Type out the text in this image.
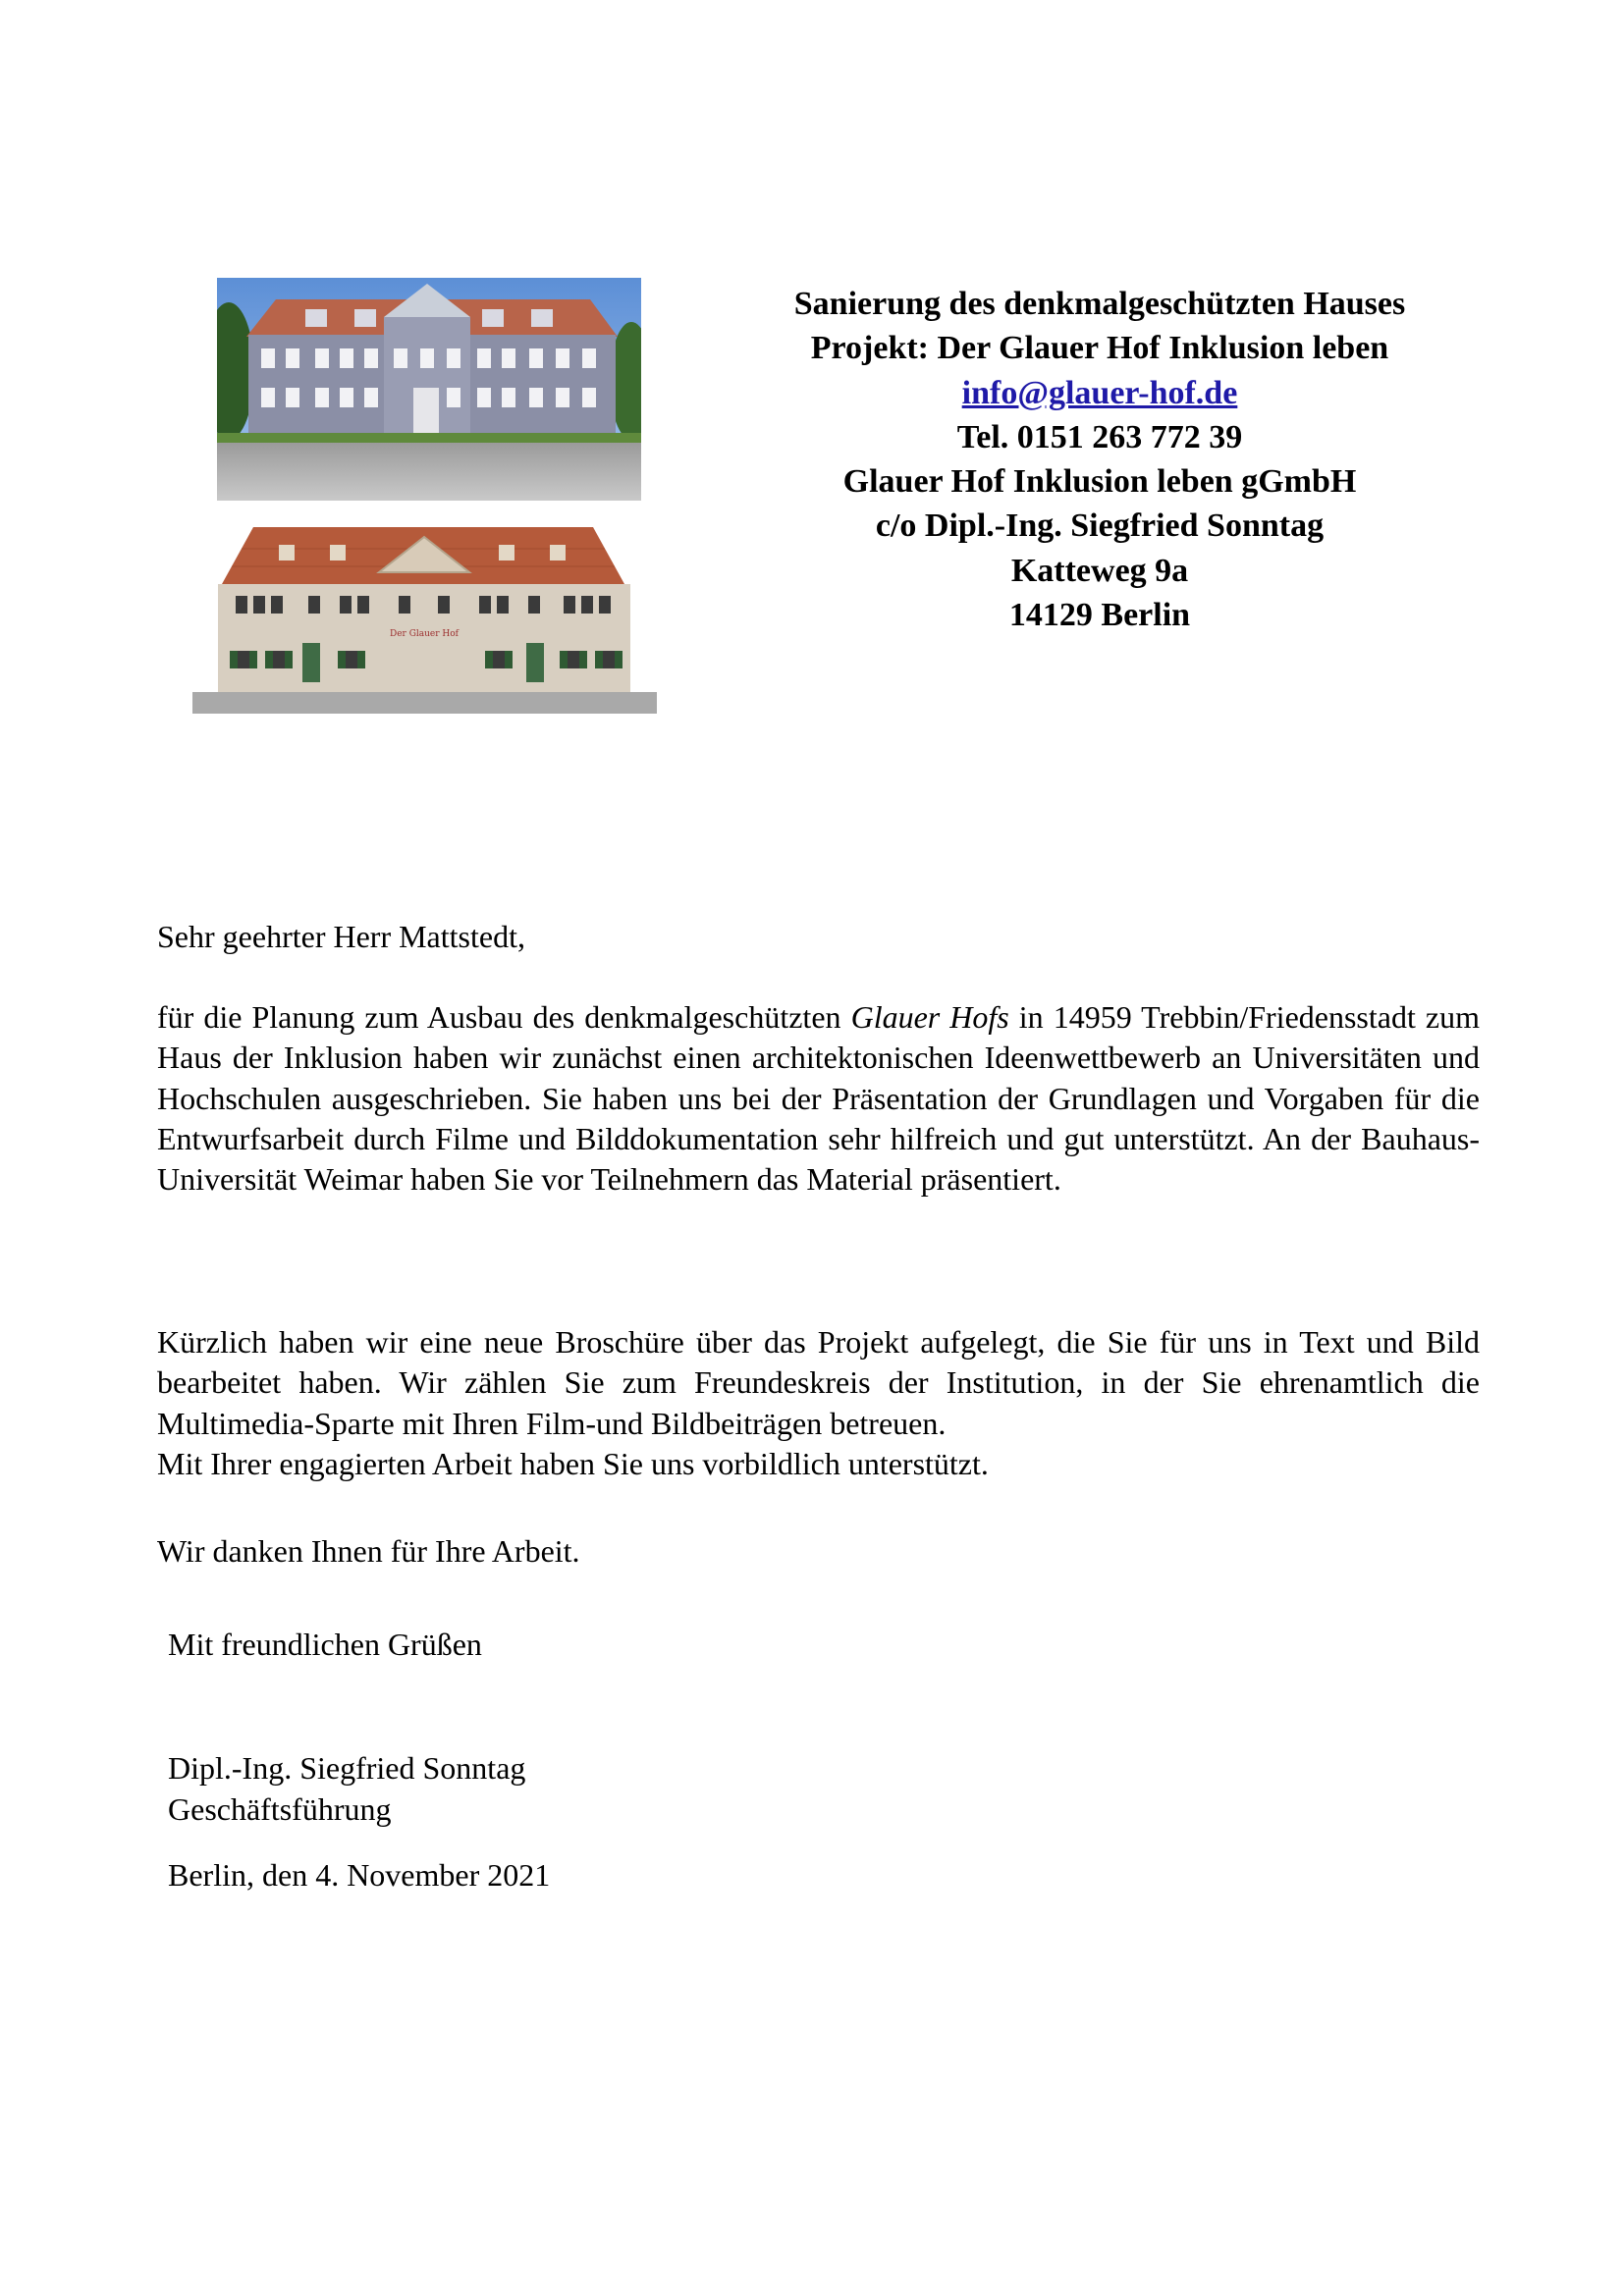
Der Glauer Hof
Sanierung des denkmalgeschützten Hauses
Projekt: Der Glauer Hof Inklusion leben
info@glauer-hof.de
Tel. 0151 263 772 39
Glauer Hof Inklusion leben gGmbH
c/o Dipl.-Ing. Siegfried Sonntag
Katteweg 9a
14129 Berlin
Sehr geehrter Herr Mattstedt,
für die Planung zum Ausbau des denkmalgeschützten Glauer Hofs in 14959 Trebbin/Friedensstadt zum Haus der Inklusion haben wir zunächst einen architektonischen Ideenwettbewerb an Universitäten und Hochschulen ausgeschrieben. Sie haben uns bei der Präsentation der Grundlagen und Vorgaben für die Entwurfsarbeit durch Filme und Bilddokumentation sehr hilfreich und gut unterstützt. An der Bauhaus-Universität Weimar haben Sie vor Teilnehmern das Material präsentiert.
Kürzlich haben wir eine neue Broschüre über das Projekt aufgelegt, die Sie für uns in Text und Bild bearbeitet haben. Wir zählen Sie zum Freundeskreis der Institution, in der Sie ehrenamtlich die Multimedia-Sparte mit Ihren Film-und Bildbeiträgen betreuen.
Mit Ihrer engagierten Arbeit haben Sie uns vorbildlich unterstützt.
Wir danken Ihnen für Ihre Arbeit.
Mit freundlichen Grüßen
Dipl.-Ing. Siegfried Sonntag
Geschäftsführung
Berlin, den 4. November 2021
